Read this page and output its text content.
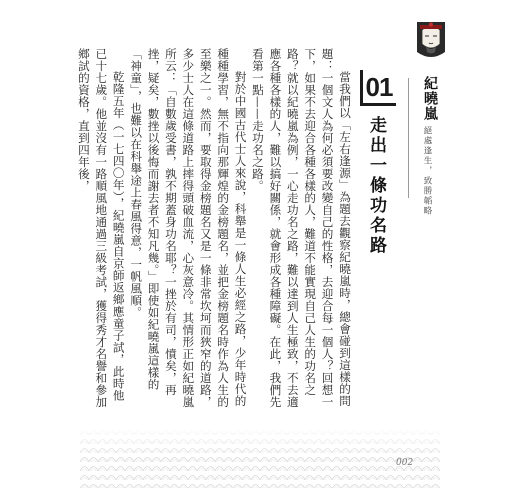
當我們以「左右逢源」為題去觀察紀曉嵐時，總會碰到這樣的問題：一個文人為何必須要改變自己的性格，去迎合每一個人？回想一下，如果不去迎合各種各樣的人，難道不能實現自己人生的功名之路？就以紀曉嵐為例，一心走功名之路，難以達到人生極致，不去適應各種各樣的人，難以搞好關係，就會形成各種障礙。在此，我們先看第一點——走功名之路。

對於中國古代士人來說，科舉是一條人生必經之路，少年時代的種種學習，無不指向那輝煌的金榜題名，並把金榜題名時作為人生的至樂之一。然而，要取得金榜題名又是一條非常坎坷而狹窄的道路，多少士人在這條道路上摔得頭破血流，心灰意冷。其情形正如紀曉嵐所云：「自數歲受書，孰不期蓋身功名耶？一挫於有司，憤矣，再挫，疑矣，數挫以後悔而謝去者不知凡幾。」即使如紀曉嵐這樣的「神童」，也難以在科舉途上春風得意，一帆風順。

乾隆五年（一七四〇年），紀曉嵐自京師返鄉應童子試，此時他已十七歲。他並沒有一路順風地通過三級考試，獲得秀才名譽和參加鄉試的資格，直到四年後，	01
走出一條功名路
紀曉嵐
絕處逢生，致勝韜略
002
